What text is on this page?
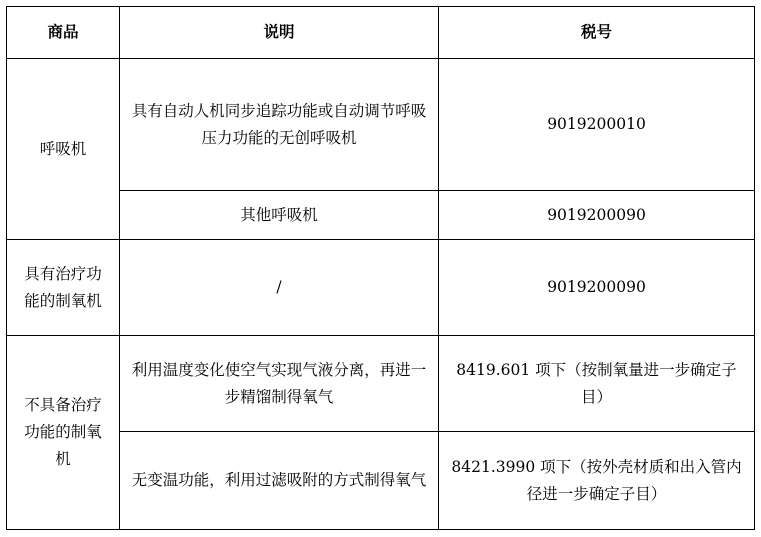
商品	说明	税号
呼吸机	具有自动人机同步追踪功能或自动调节呼吸压力功能的无创呼吸机	9019200010
	其他呼吸机	9019200090
具有治疗功能的制氧机	/	9019200090
不具备治疗功能的制氧机	利用温度变化使空气实现气液分离，再进一步精馏制得氧气	8419.601 项下（按制氧量进一步确定子目）
	无变温功能，利用过滤吸附的方式制得氧气	8421.3990 项下（按外壳材质和出入管内径进一步确定子目）
